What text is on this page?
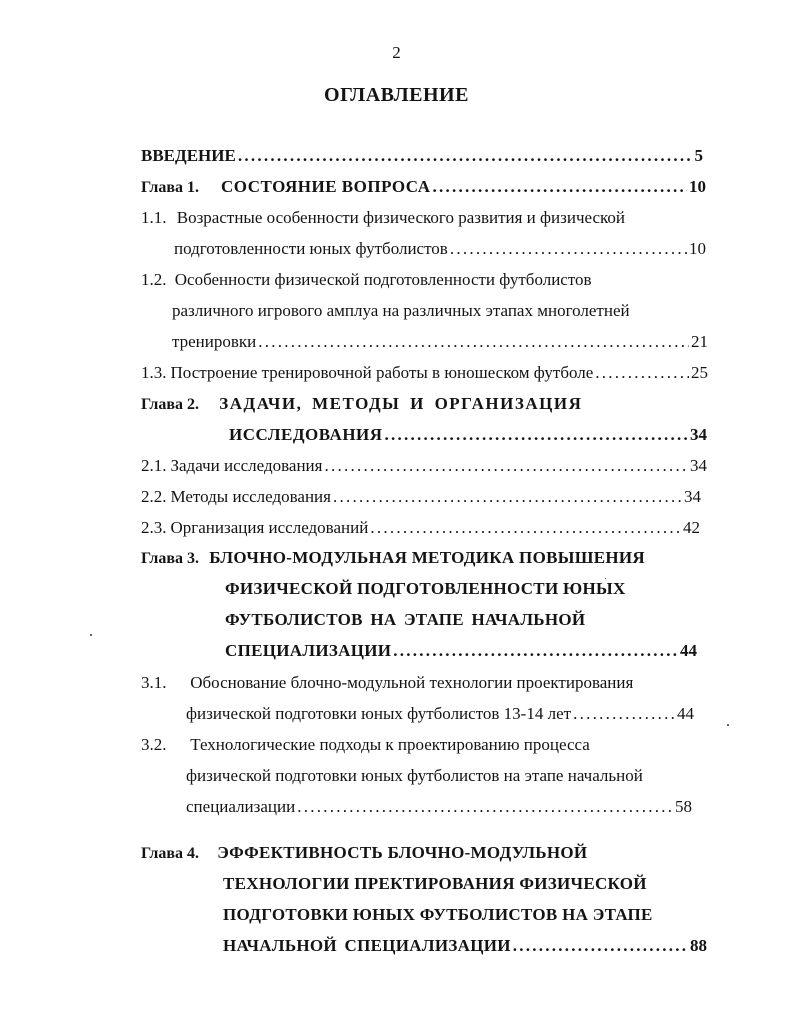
2
ОГЛАВЛЕНИЕ
ВВЕДЕНИЕ . . .	5
Глава 1. СОСТОЯНИЕ ВОПРОСА . . .	10
1.1. Возрастные особенности физического развития и физической
подготовленности юных футболистов . . .	10
1.2. Особенности физической подготовленности футболистов
различного игрового амплуа на различных этапах многолетней
тренировки . . .	21
1.3. Построение тренировочной работы в юношеском футболе . . .	25
Глава 2. ЗАДАЧИ, МЕТОДЫ И ОРГАНИЗАЦИЯ
ИССЛЕДОВАНИЯ . . .	34
2.1. Задачи исследования . . .	34
2.2. Методы исследования . . .	34
2.3. Организация исследований . . .	42
Глава 3. БЛОЧНО-МОДУЛЬНАЯ МЕТОДИКА ПОВЫШЕНИЯ
ФИЗИЧЕСКОЙ ПОДГОТОВЛЕННОСТИ ЮНЫХ
ФУТБОЛИСТОВ НА ЭТАПЕ НАЧАЛЬНОЙ
СПЕЦИАЛИЗАЦИИ . . .	44
3.1. Обоснование блочно-модульной технологии проектирования
физической подготовки юных футболистов 13-14 лет . . .	44
3.2. Технологические подходы к проектированию процесса
физической подготовки юных футболистов на этапе начальной
специализации . . .	58
Глава 4. ЭФФЕКТИВНОСТЬ БЛОЧНО-МОДУЛЬНОЙ
ТЕХНОЛОГИИ ПРЕКТИРОВАНИЯ ФИЗИЧЕСКОЙ
ПОДГОТОВКИ ЮНЫХ ФУТБОЛИСТОВ НА ЭТАПЕ
НАЧАЛЬНОЙ СПЕЦИАЛИЗАЦИИ . . .	88
